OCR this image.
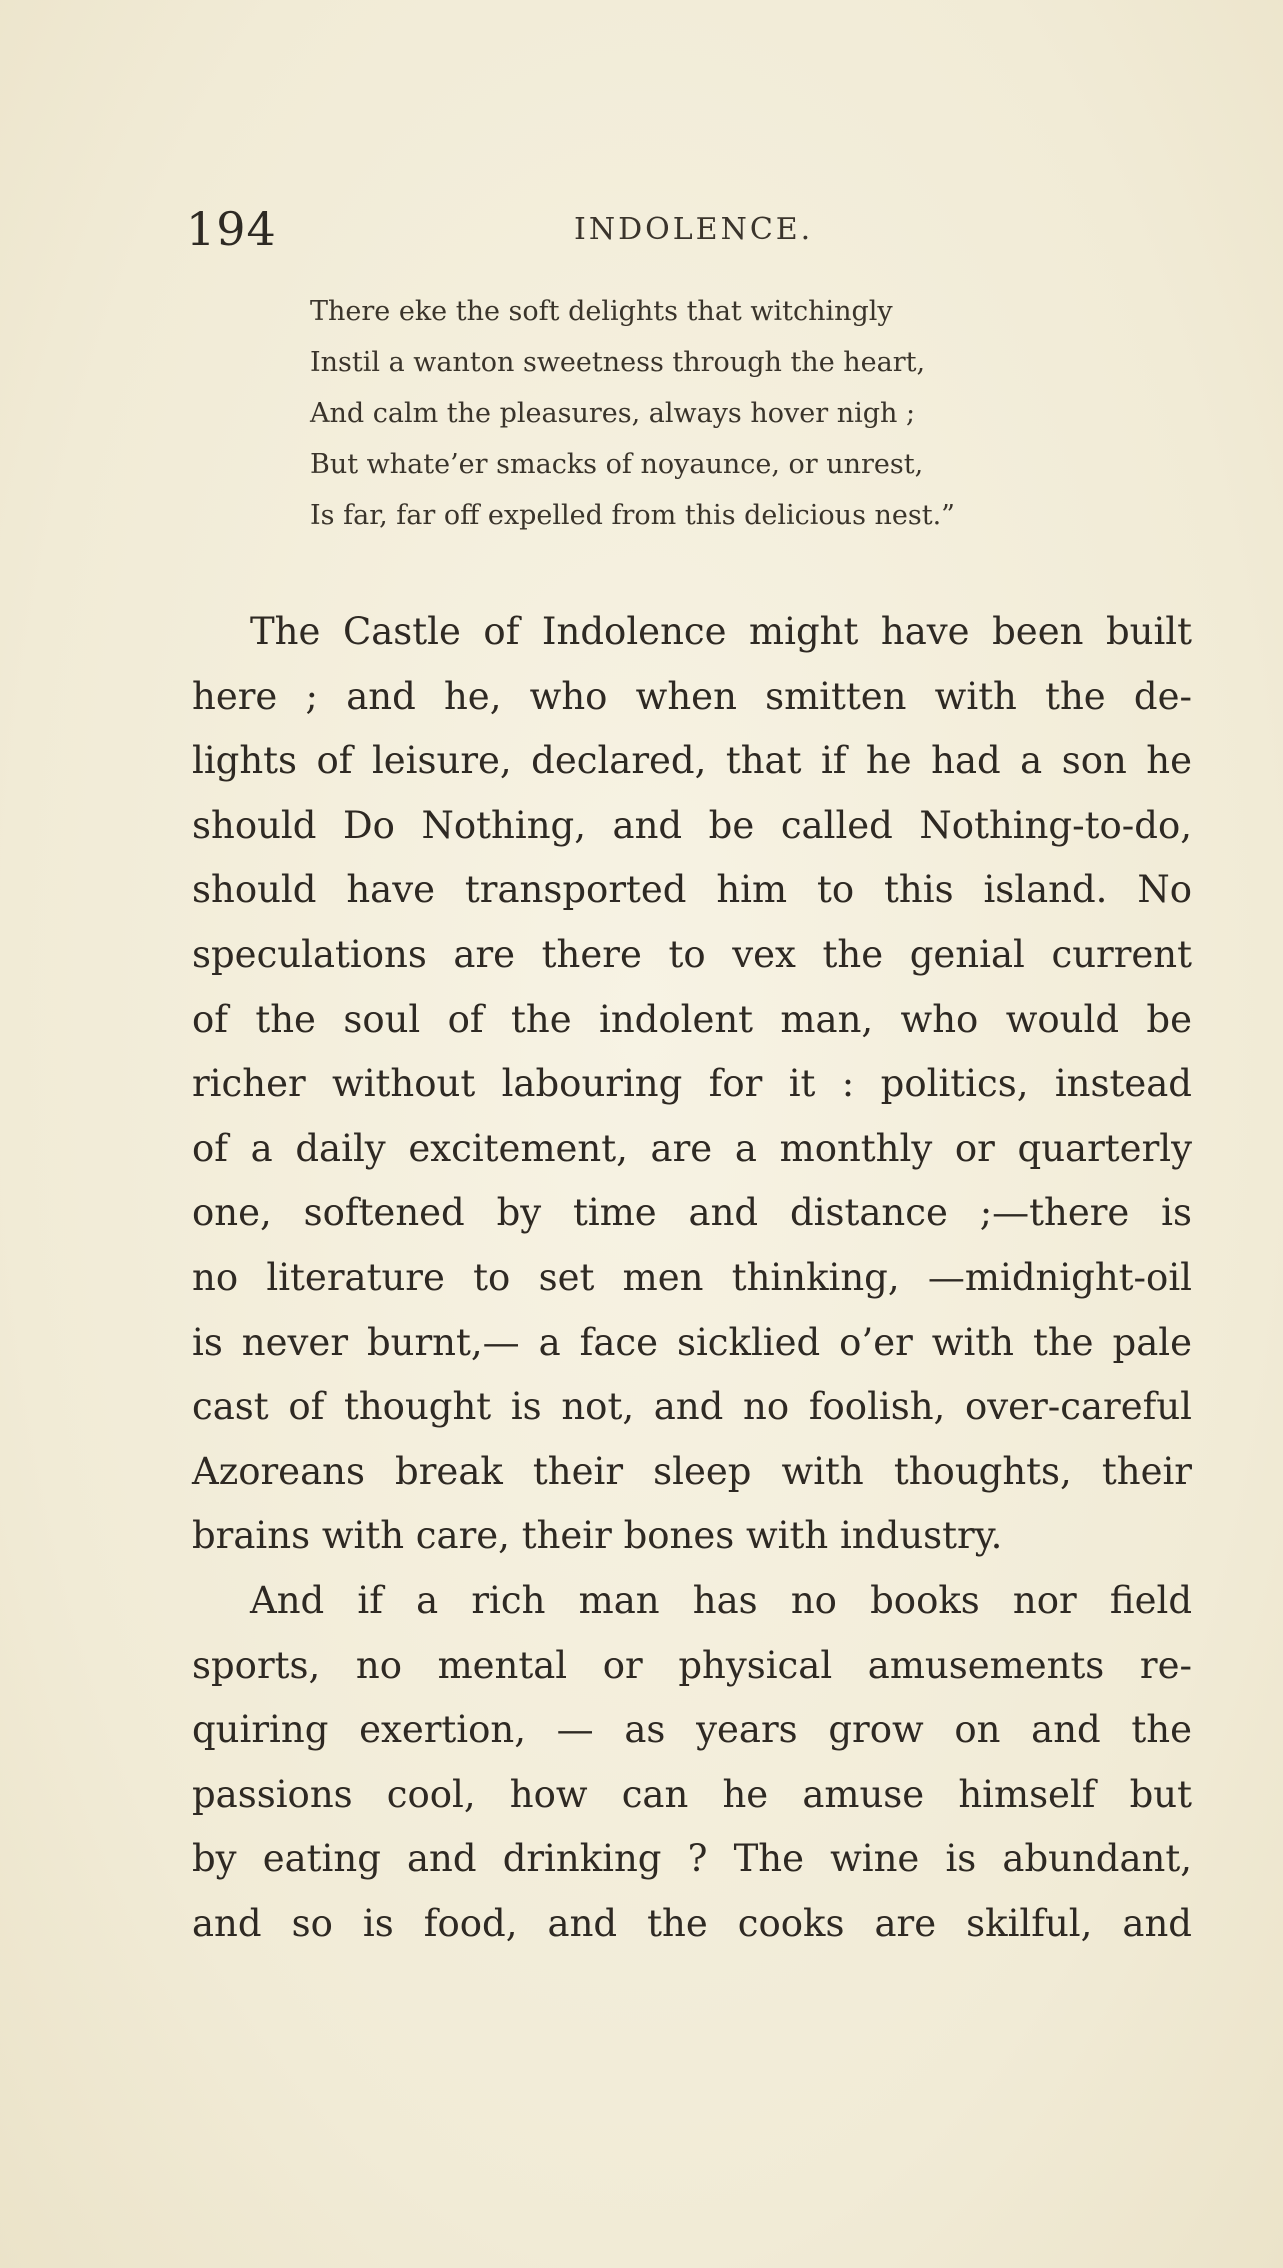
194	INDOLENCE.
There eke the soft delights that witchingly
Instil a wanton sweetness through the heart,
And calm the pleasures, always hover nigh ;
But whate’er smacks of noyaunce, or unrest,
Is far, far off expelled from this delicious nest.”
The Castle of Indolence might have been built
here ; and he, who when smitten with the de-
lights of leisure, declared, that if he had a son he
should Do Nothing, and be called Nothing-to-do,
should have transported him to this island. No
speculations are there to vex the genial current
of the soul of the indolent man, who would be
richer without labouring for it : politics, instead
of a daily excitement, are a monthly or quarterly
one, softened by time and distance ;—there is
no literature to set men thinking, —midnight-oil
is never burnt,— a face sicklied o’er with the pale
cast of thought is not, and no foolish, over-careful
Azoreans break their sleep with thoughts, their
brains with care, their bones with industry.
And if a rich man has no books nor field
sports, no mental or physical amusements re-
quiring exertion, — as years grow on and the
passions cool, how can he amuse himself but
by eating and drinking ? The wine is abundant,
and so is food, and the cooks are skilful, and
